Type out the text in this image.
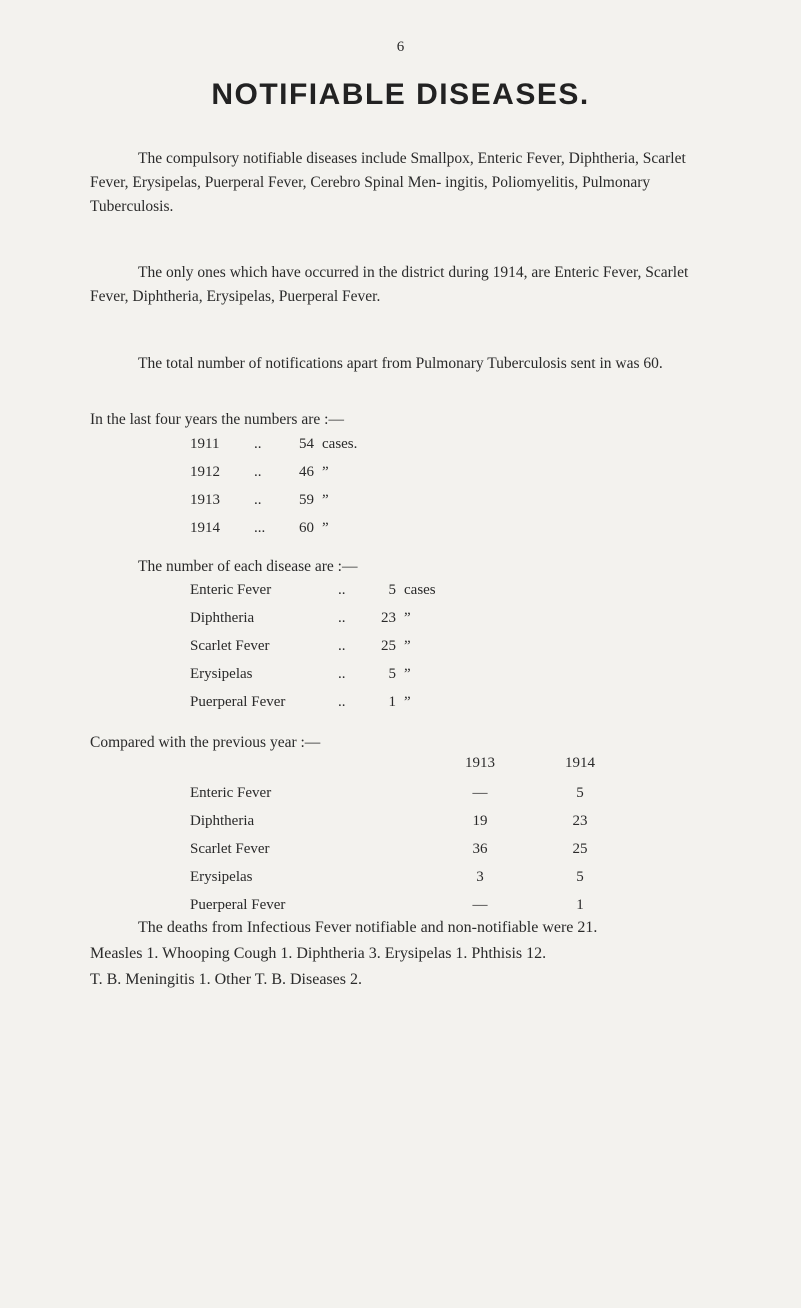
6
NOTIFIABLE DISEASES.
The compulsory notifiable diseases include Smallpox, Enteric Fever, Diphtheria, Scarlet Fever, Erysipelas, Puerperal Fever, Cerebro Spinal Men- ingitis, Poliomyelitis, Pulmonary Tuberculosis.
The only ones which have occurred in the district during 1914, are Enteric Fever, Scarlet Fever, Diphtheria, Erysipelas, Puerperal Fever.
The total number of notifications apart from Pulmonary Tuberculosis sent in was 60.
In the last four years the numbers are :—
1911 ..	54 cases.
1912 ..	46 ”
1913 ..	59 ”
1914 ...	60 ”
The number of each disease are :—
Enteric Fever	..	5 cases
Diphtheria	..	23 ”
Scarlet Fever	..	25 ”
Erysipelas	..	5 ”
Puerperal Fever	..	1 ”
Compared with the previous year :—
1913	1914
Enteric Fever	—	5
Diphtheria	19	23
Scarlet Fever	36	25
Erysipelas	3	5
Puerperal Fever	—	1
The deaths from Infectious Fever notifiable and non-notifiable were 21.
Measles 1. Whooping Cough 1. Diphtheria 3. Erysipelas 1. Phthisis 12.
T. B. Meningitis 1. Other T. B. Diseases 2.
